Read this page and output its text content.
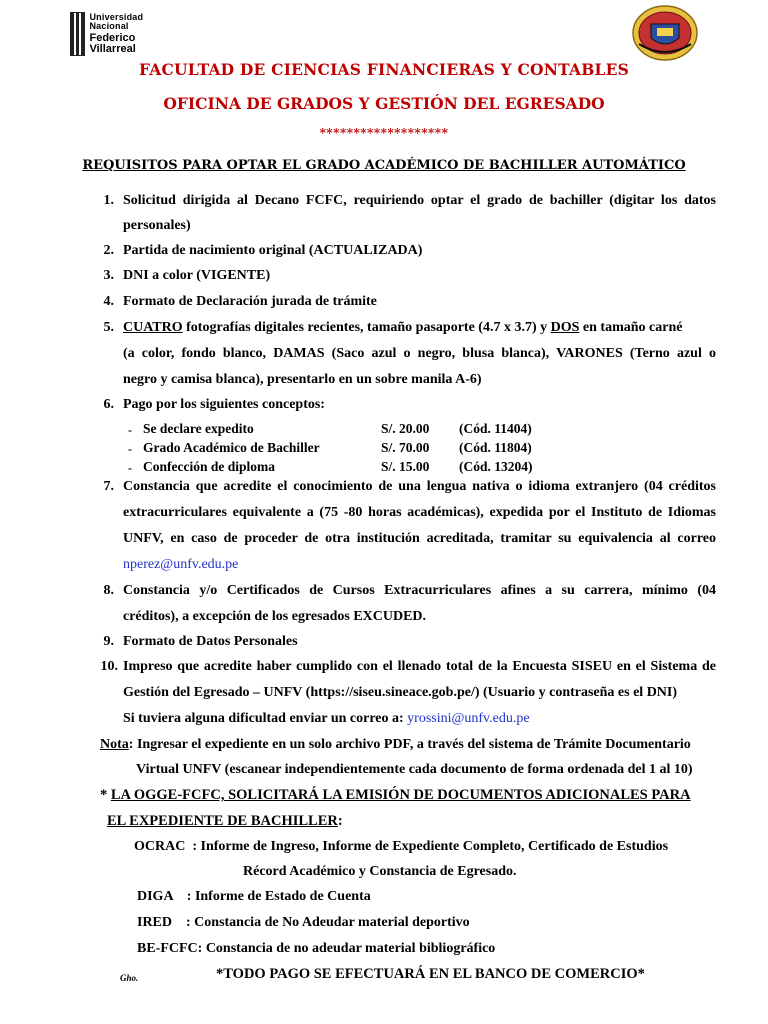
Universidad Nacional
Federico Villarreal
FACULTAD DE CIENCIAS FINANCIERAS Y CONTABLES
OFICINA DE GRADOS Y GESTIÓN DEL EGRESADO
*******************
REQUISITOS PARA OPTAR EL GRADO ACADÉMICO DE BACHILLER AUTOMÁTICO
1. Solicitud dirigida al Decano FCFC, requiriendo optar el grado de bachiller (digitar los datos
personales)
2. Partida de nacimiento original (ACTUALIZADA)
3. DNI a color (VIGENTE)
4. Formato de Declaración jurada de trámite
5. CUATRO fotografías digitales recientes, tamaño pasaporte (4.7 x 3.7) y DOS en tamaño carné
(a color, fondo blanco, DAMAS (Saco azul o negro, blusa blanca), VARONES (Terno azul o
negro y camisa blanca), presentarlo en un sobre manila A-6)
6. Pago por los siguientes conceptos:
- Se declare expedito	S/. 20.00 (Cód. 11404)
- Grado Académico de Bachiller	S/. 70.00 (Cód. 11804)
- Confección de diploma	S/. 15.00 (Cód. 13204)
7. Constancia que acredite el conocimiento de una lengua nativa o idioma extranjero (04 créditos
extracurriculares equivalente a (75 -80 horas académicas), expedida por el Instituto de Idiomas
UNFV, en caso de proceder de otra institución acreditada, tramitar su equivalencia al correo
nperez@unfv.edu.pe
8. Constancia y/o Certificados de Cursos Extracurriculares afines a su carrera, mínimo (04
créditos), a excepción de los egresados EXCUDED.
9. Formato de Datos Personales
10. Impreso que acredite haber cumplido con el llenado total de la Encuesta SISEU en el Sistema de
Gestión del Egresado – UNFV (https://siseu.sineace.gob.pe/) (Usuario y contraseña es el DNI)
Si tuviera alguna dificultad enviar un correo a: yrossini@unfv.edu.pe
Nota: Ingresar el expediente en un solo archivo PDF, a través del sistema de Trámite Documentario
Virtual UNFV (escanear independientemente cada documento de forma ordenada del 1 al 10)
* LA OGGE-FCFC, SOLICITARÁ LA EMISIÓN DE DOCUMENTOS ADICIONALES PARA
EL EXPEDIENTE DE BACHILLER:
OCRAC  : Informe de Ingreso, Informe de Expediente Completo, Certificado de Estudios
Récord Académico y Constancia de Egresado.
DIGA    : Informe de Estado de Cuenta
IRED    : Constancia de No Adeudar material deportivo
BE-FCFC: Constancia de no adeudar material bibliográfico
Gho.	*TODO PAGO SE EFECTUARÁ EN EL BANCO DE COMERCIO*
